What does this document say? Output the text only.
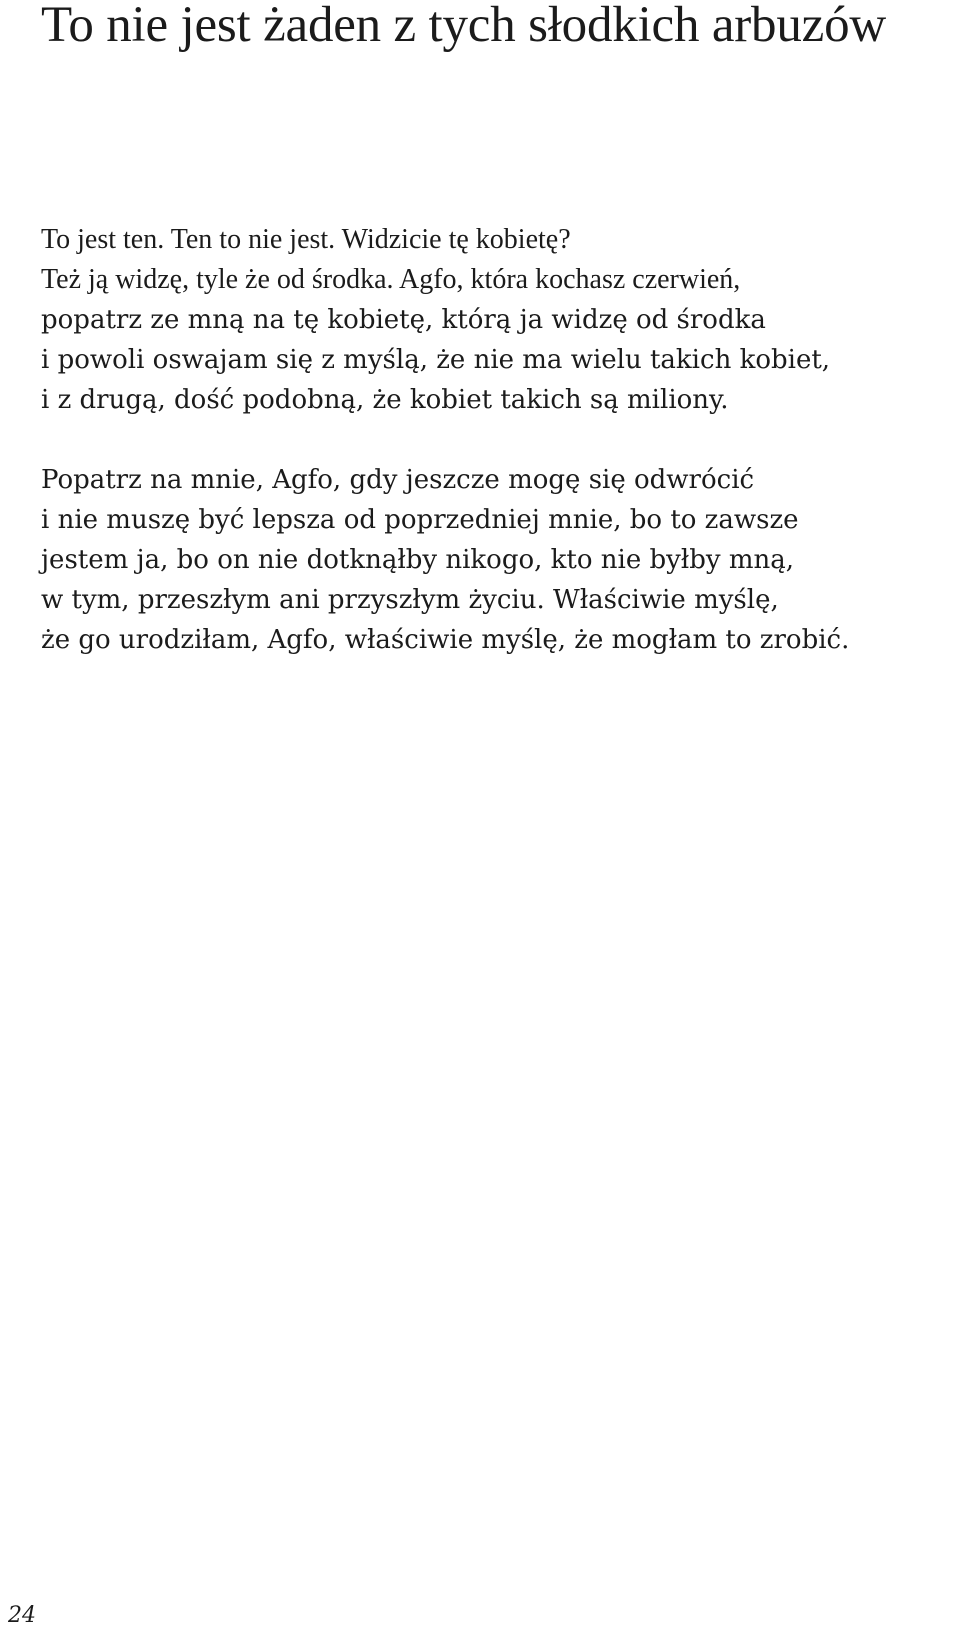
To nie jest żaden z tych słodkich arbuzów
To jest ten. Ten to nie jest. Widzicie tę kobietę?
Też ją widzę, tyle że od środka. Agfo, która kochasz czerwień,
popatrz ze mną na tę kobietę, którą ja widzę od środka
i powoli oswajam się z myślą, że nie ma wielu takich kobiet,
i z drugą, dość podobną, że kobiet takich są miliony.
Popatrz na mnie, Agfo, gdy jeszcze mogę się odwrócić
i nie muszę być lepsza od poprzedniej mnie, bo to zawsze
jestem ja, bo on nie dotknąłby nikogo, kto nie byłby mną,
w tym, przeszłym ani przyszłym życiu. Właściwie myślę,
że go urodziłam, Agfo, właściwie myślę, że mogłam to zrobić.
24
